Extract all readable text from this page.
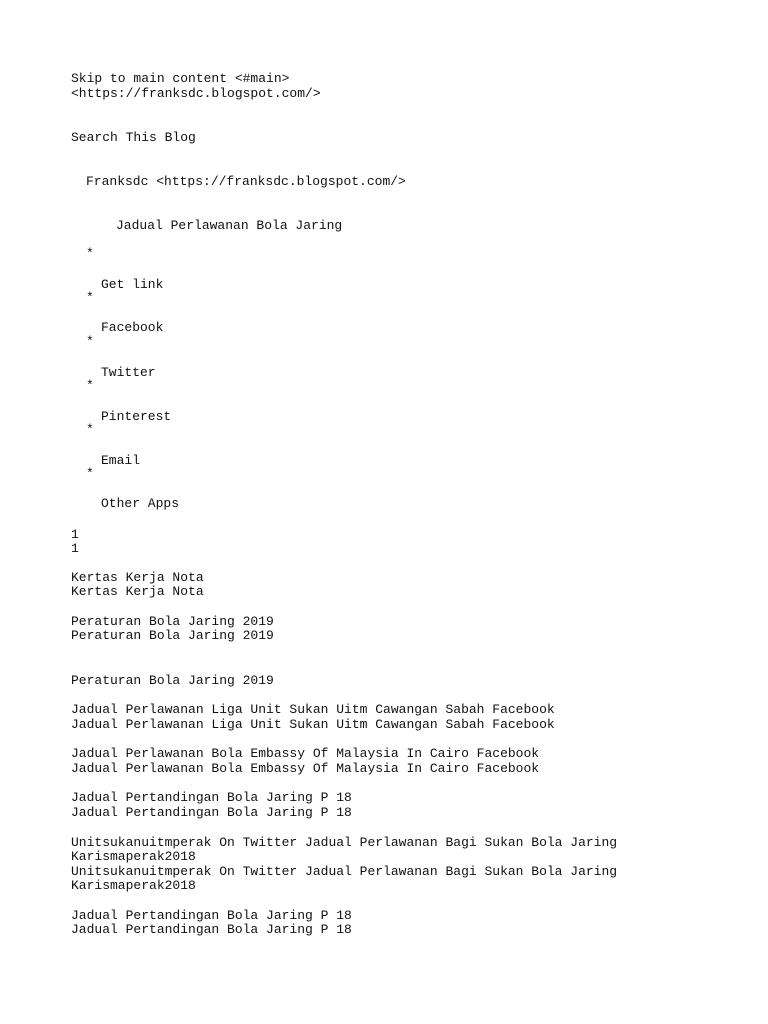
Skip to main content <#main>
<https://franksdc.blogspot.com/>
Search This Blog
Franksdc <https://franksdc.blogspot.com/>
Jadual Perlawanan Bola Jaring
*
Get link
*
Facebook
*
Twitter
*
Pinterest
*
Email
*
Other Apps
1
1
Kertas Kerja Nota
Kertas Kerja Nota
Peraturan Bola Jaring 2019
Peraturan Bola Jaring 2019
Peraturan Bola Jaring 2019
Jadual Perlawanan Liga Unit Sukan Uitm Cawangan Sabah Facebook
Jadual Perlawanan Liga Unit Sukan Uitm Cawangan Sabah Facebook
Jadual Perlawanan Bola Embassy Of Malaysia In Cairo Facebook
Jadual Perlawanan Bola Embassy Of Malaysia In Cairo Facebook
Jadual Pertandingan Bola Jaring P 18
Jadual Pertandingan Bola Jaring P 18
Unitsukanuitmperak On Twitter Jadual Perlawanan Bagi Sukan Bola Jaring
Karismaperak2018
Unitsukanuitmperak On Twitter Jadual Perlawanan Bagi Sukan Bola Jaring
Karismaperak2018
Jadual Pertandingan Bola Jaring P 18
Jadual Pertandingan Bola Jaring P 18
